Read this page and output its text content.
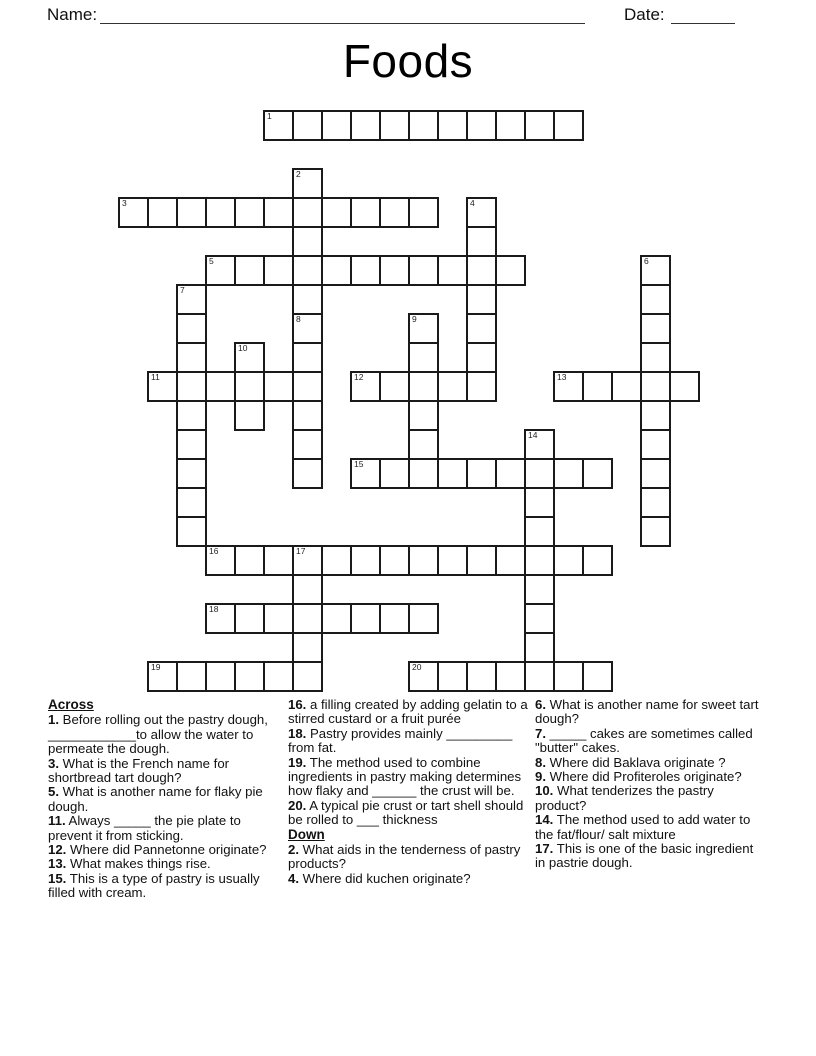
Name:	Date:
Foods
1
2
3	4
5	6
7
8	9
10
11	12	13
14
15
16	17
18
19	20
Across

1. Before rolling out the pastry dough, ____________to allow the water to permeate the dough.

3. What is the French name for shortbread tart dough?

5. What is another name for flaky pie dough.

11. Always _____ the pie plate to prevent it from sticking.

12. Where did Pannetonne originate?

13. What makes things rise.

15. This is a type of pastry is usually filled with cream.

16. a filling created by adding gelatin to a stirred custard or a fruit purée

18. Pastry provides mainly _________ from fat.

19. The method used to combine ingredients in pastry making determines how flaky and ______ the crust will be.

20. A typical pie crust or tart shell should be rolled to ___ thickness

Down

2. What aids in the tenderness of pastry products?

4. Where did kuchen originate?

6. What is another name for sweet tart dough?

7. _____ cakes are sometimes called "butter" cakes.

8. Where did Baklava originate ?

9. Where did Profiteroles originate?

10. What tenderizes the pastry product?

14. The method used to add water to the fat/flour/ salt mixture

17. This is one of the basic ingredient in pastrie dough.
